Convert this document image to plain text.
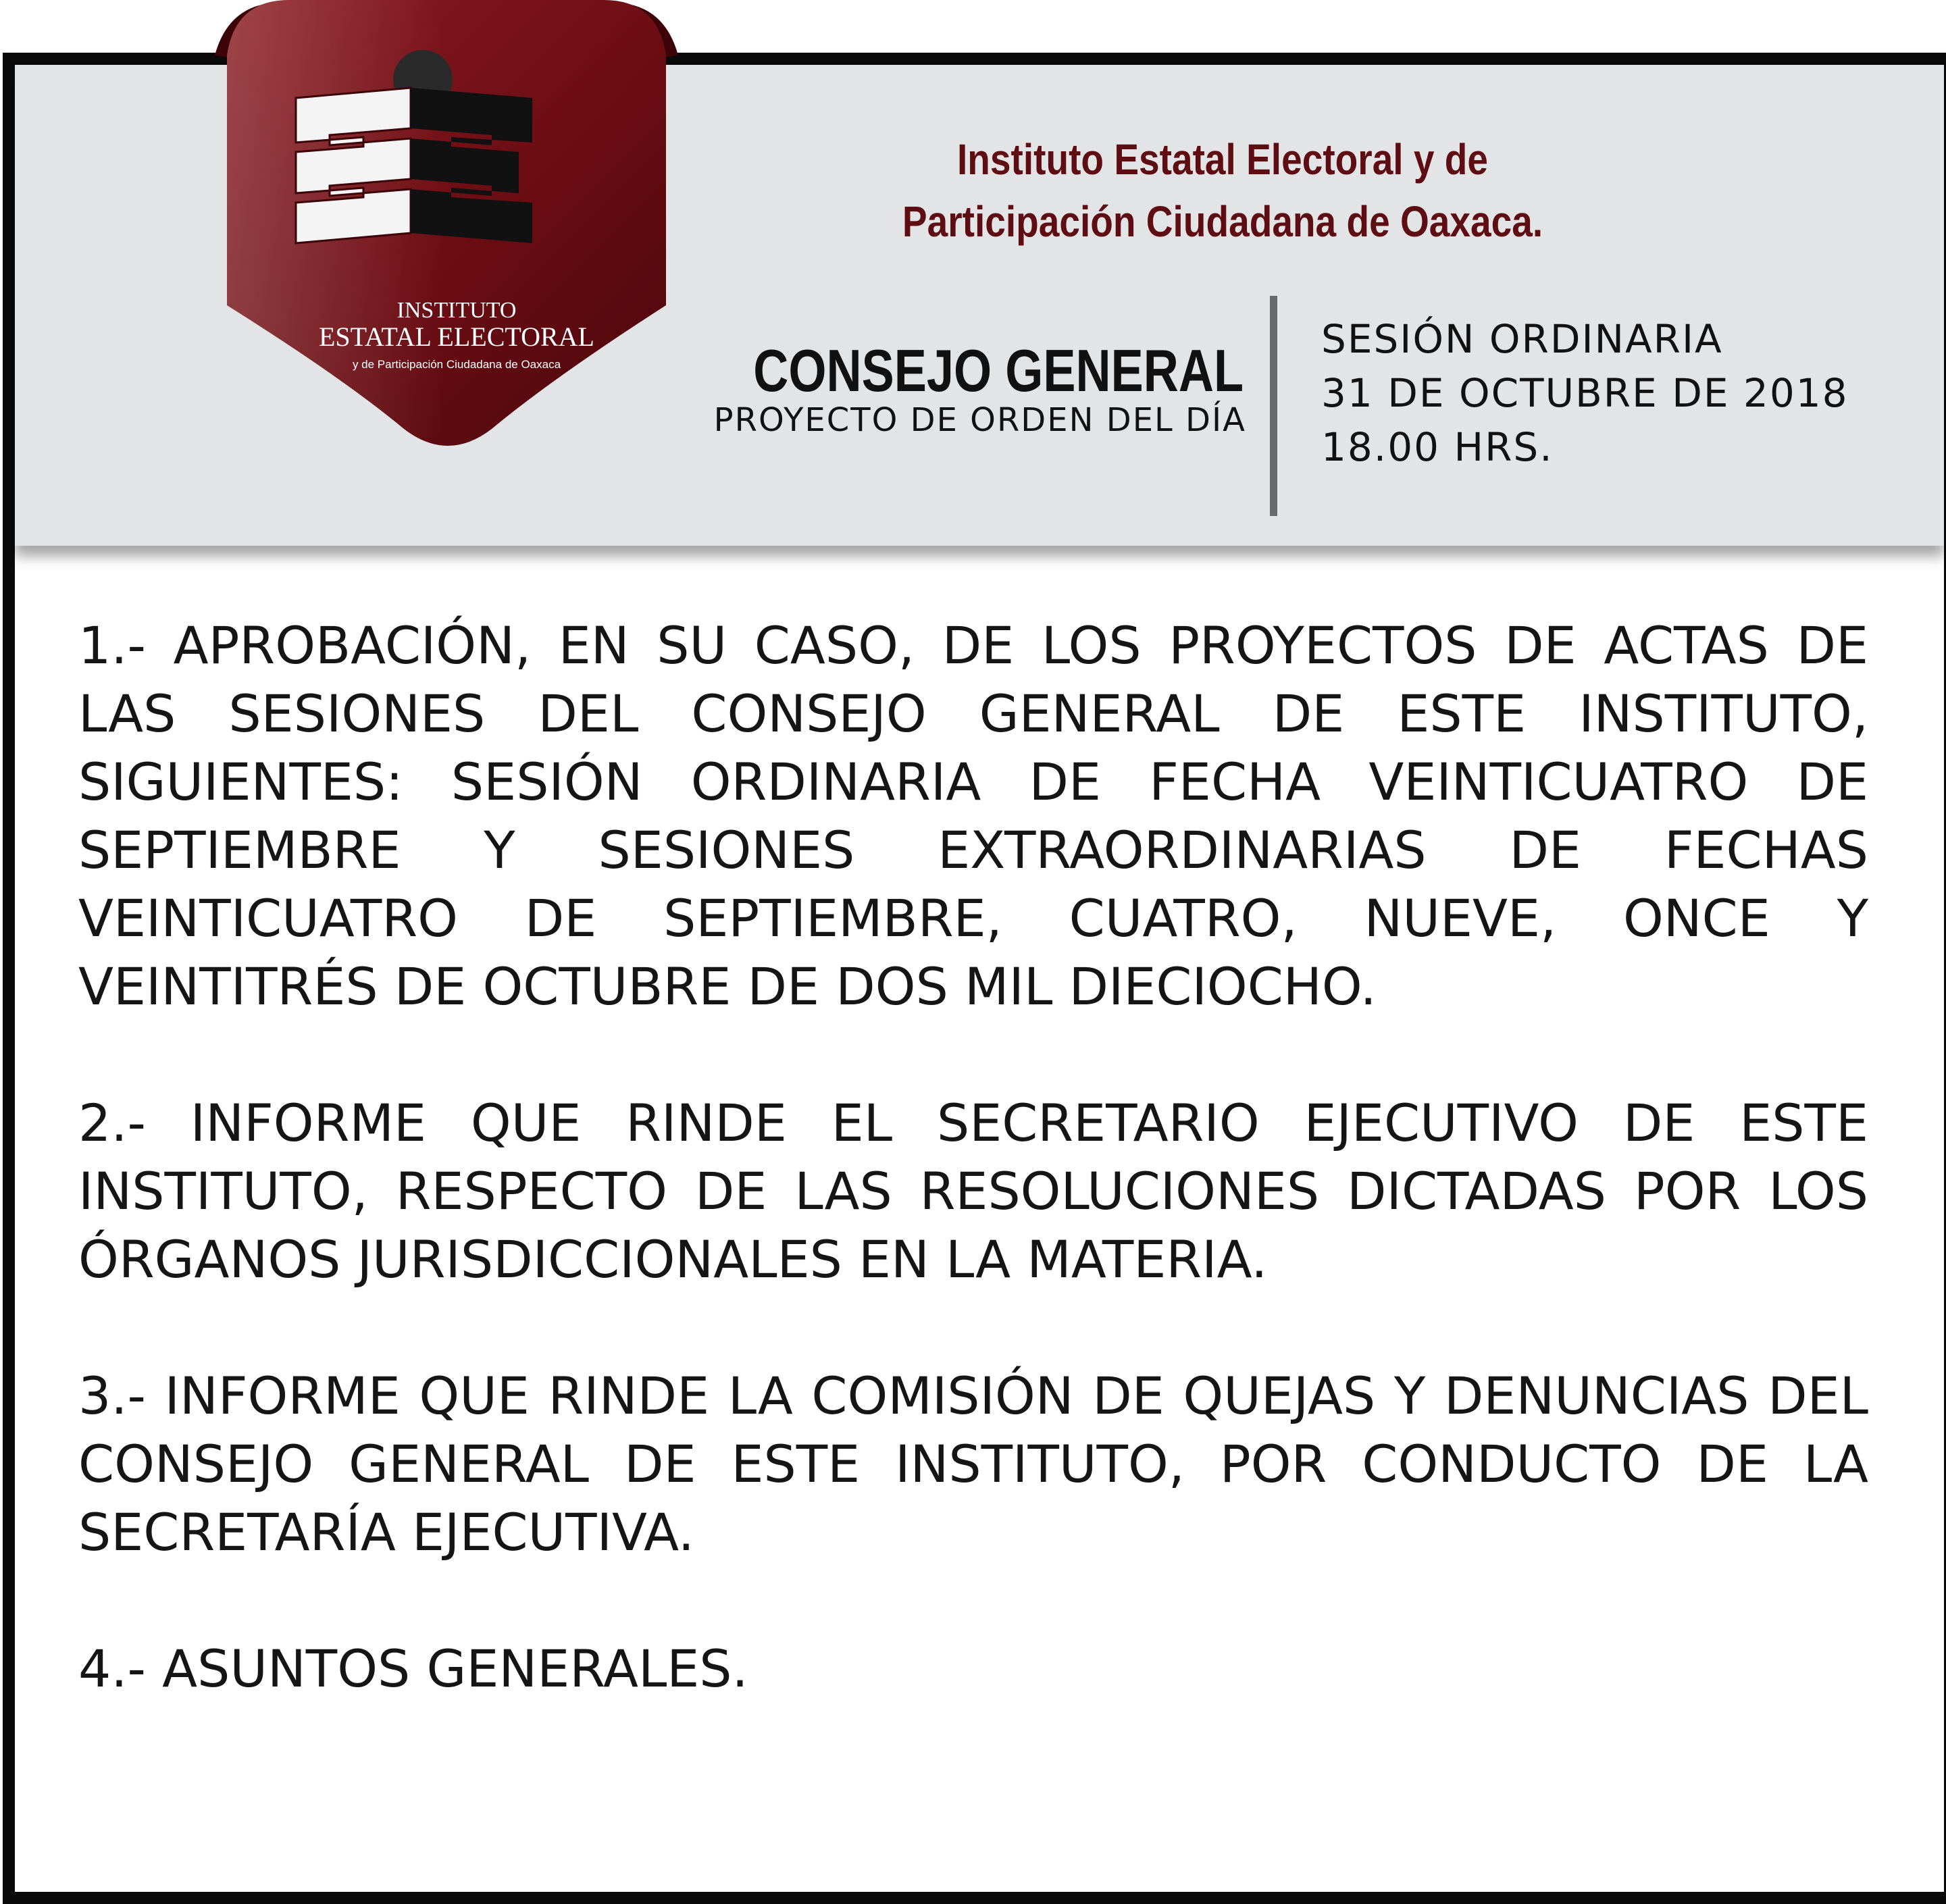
INSTITUTO
ESTATAL ELECTORAL
y de Participación Ciudadana de Oaxaca
Instituto Estatal Electoral y de
Participación Ciudadana de Oaxaca.
CONSEJO GENERAL
PROYECTO DE ORDEN DEL DÍA
SESIÓN ORDINARIA
31 DE OCTUBRE DE 2018
18.00 HRS.

1.- APROBACIÓN, EN SU CASO, DE LOS PROYECTOS DE ACTAS DE LAS SESIONES DEL CONSEJO GENERAL DE ESTE INSTITUTO, SIGUIENTES: SESIÓN ORDINARIA DE FECHA VEINTICUATRO DE SEPTIEMBRE Y SESIONES EXTRAORDINARIAS DE FECHAS VEINTICUATRO DE SEPTIEMBRE, CUATRO, NUEVE, ONCE Y VEINTITRÉS DE OCTUBRE DE DOS MIL DIECIOCHO.

2.- INFORME QUE RINDE EL SECRETARIO EJECUTIVO DE ESTE INSTITUTO, RESPECTO DE LAS RESOLUCIONES DICTADAS POR LOS ÓRGANOS JURISDICCIONALES EN LA MATERIA.

3.- INFORME QUE RINDE LA COMISIÓN DE QUEJAS Y DENUNCIAS DEL CONSEJO GENERAL DE ESTE INSTITUTO, POR CONDUCTO DE LA SECRETARÍA EJECUTIVA.

4.- ASUNTOS GENERALES.
